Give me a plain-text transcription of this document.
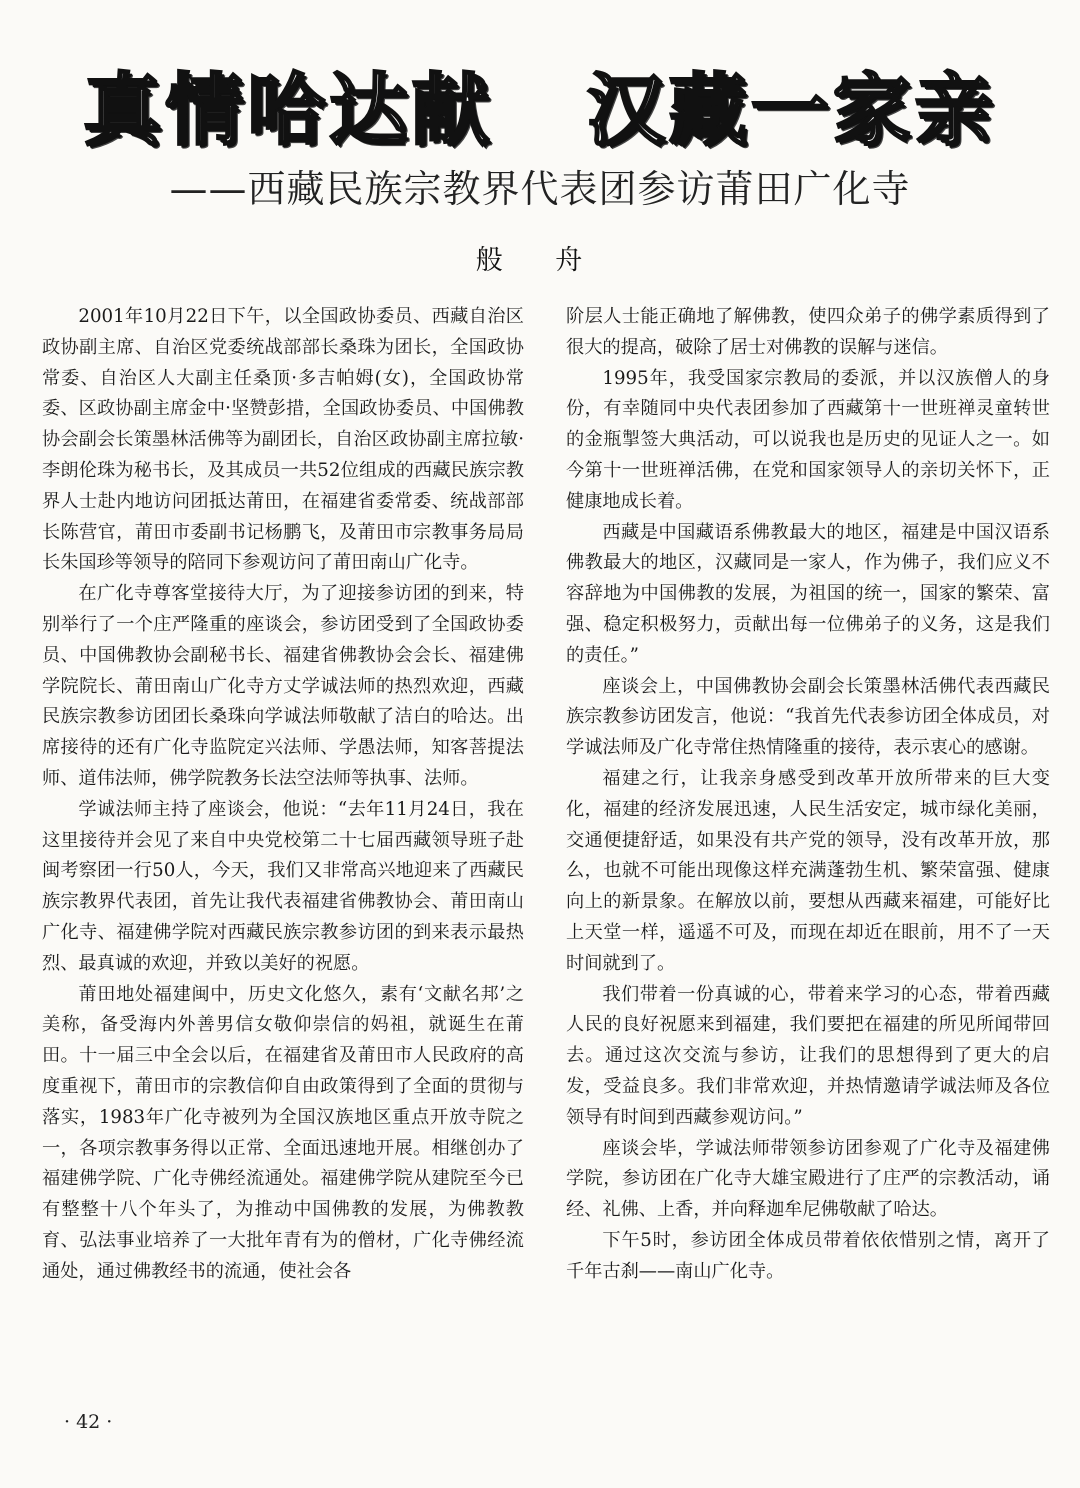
真情哈达献   汉藏一家亲
——西藏民族宗教界代表团参访莆田广化寺
般 舟

2001年10月22日下午，以全国政协委员、西藏自治区政协副主席、自治区党委统战部部长桑珠为团长，全国政协常委、自治区人大副主任桑顶·多吉帕姆(女)，全国政协常委、区政协副主席金中·坚赞彭措，全国政协委员、中国佛教协会副会长策墨林活佛等为副团长，自治区政协副主席拉敏·李朗伦珠为秘书长，及其成员一共52位组成的西藏民族宗教界人士赴内地访问团抵达莆田，在福建省委常委、统战部部长陈营官，莆田市委副书记杨鹏飞，及莆田市宗教事务局局长朱国珍等领导的陪同下参观访问了莆田南山广化寺。

在广化寺尊客堂接待大厅，为了迎接参访团的到来，特别举行了一个庄严隆重的座谈会，参访团受到了全国政协委员、中国佛教协会副秘书长、福建省佛教协会会长、福建佛学院院长、莆田南山广化寺方丈学诚法师的热烈欢迎，西藏民族宗教参访团团长桑珠向学诚法师敬献了洁白的哈达。出席接待的还有广化寺监院定兴法师、学愚法师，知客菩提法师、道伟法师，佛学院教务长法空法师等执事、法师。

学诚法师主持了座谈会，他说：“去年11月24日，我在这里接待并会见了来自中央党校第二十七届西藏领导班子赴闽考察团一行50人，今天，我们又非常高兴地迎来了西藏民族宗教界代表团，首先让我代表福建省佛教协会、莆田南山广化寺、福建佛学院对西藏民族宗教参访团的到来表示最热烈、最真诚的欢迎，并致以美好的祝愿。

莆田地处福建闽中，历史文化悠久，素有‘文献名邦’之美称，备受海内外善男信女敬仰崇信的妈祖，就诞生在莆田。十一届三中全会以后，在福建省及莆田市人民政府的高度重视下，莆田市的宗教信仰自由政策得到了全面的贯彻与落实，1983年广化寺被列为全国汉族地区重点开放寺院之一，各项宗教事务得以正常、全面迅速地开展。相继创办了福建佛学院、广化寺佛经流通处。福建佛学院从建院至今已有整整十八个年头了，为推动中国佛教的发展，为佛教教育、弘法事业培养了一大批年青有为的僧材，广化寺佛经流通处，通过佛教经书的流通，使社会各

阶层人士能正确地了解佛教，使四众弟子的佛学素质得到了很大的提高，破除了居士对佛教的误解与迷信。

1995年，我受国家宗教局的委派，并以汉族僧人的身份，有幸随同中央代表团参加了西藏第十一世班禅灵童转世的金瓶掣签大典活动，可以说我也是历史的见证人之一。如今第十一世班禅活佛，在党和国家领导人的亲切关怀下，正健康地成长着。

西藏是中国藏语系佛教最大的地区，福建是中国汉语系佛教最大的地区，汉藏同是一家人，作为佛子，我们应义不容辞地为中国佛教的发展，为祖国的统一，国家的繁荣、富强、稳定积极努力，贡献出每一位佛弟子的义务，这是我们的责任。”

座谈会上，中国佛教协会副会长策墨林活佛代表西藏民族宗教参访团发言，他说：“我首先代表参访团全体成员，对学诚法师及广化寺常住热情隆重的接待，表示衷心的感谢。

福建之行，让我亲身感受到改革开放所带来的巨大变化，福建的经济发展迅速，人民生活安定，城市绿化美丽，交通便捷舒适，如果没有共产党的领导，没有改革开放，那么，也就不可能出现像这样充满蓬勃生机、繁荣富强、健康向上的新景象。在解放以前，要想从西藏来福建，可能好比上天堂一样，遥遥不可及，而现在却近在眼前，用不了一天时间就到了。

我们带着一份真诚的心，带着来学习的心态，带着西藏人民的良好祝愿来到福建，我们要把在福建的所见所闻带回去。通过这次交流与参访，让我们的思想得到了更大的启发，受益良多。我们非常欢迎，并热情邀请学诚法师及各位领导有时间到西藏参观访问。”

座谈会毕，学诚法师带领参访团参观了广化寺及福建佛学院，参访团在广化寺大雄宝殿进行了庄严的宗教活动，诵经、礼佛、上香，并向释迦牟尼佛敬献了哈达。

下午5时，参访团全体成员带着依依惜别之情，离开了千年古刹——南山广化寺。

· 42 ·
